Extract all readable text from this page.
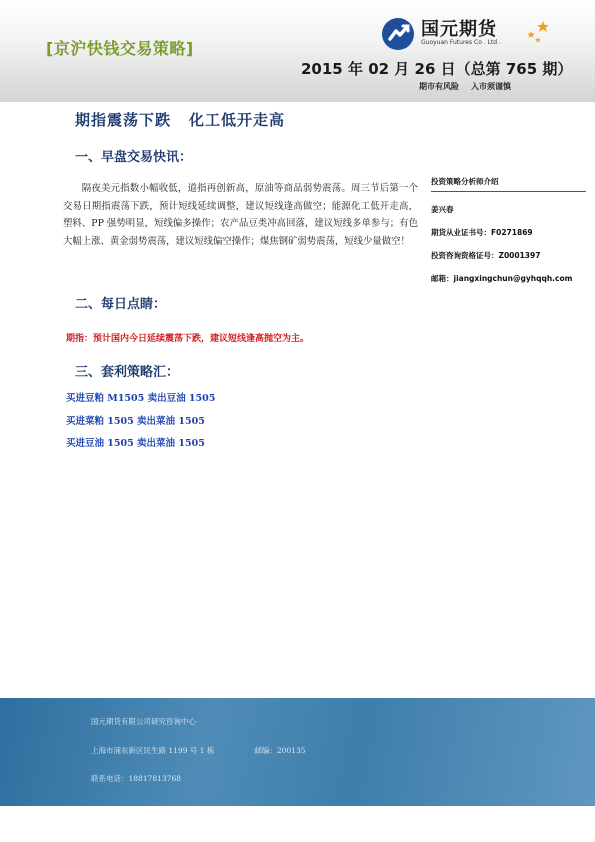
[京沪快钱交易策略]
国元期货
Guoyuan Futures Co . Ltd .
2015 年 02 月 26 日（总第 765 期）
期市有风险 入市须谨慎
期指震荡下跌 化工低开走高
一、早盘交易快讯：
隔夜美元指数小幅收低，道指再创新高，原油等商品弱势震荡。周三节后第一个交易日期指震荡下跌，预计短线延续调整，建议短线逢高做空；能源化工低开走高，塑料、PP 强势明显，短线偏多操作；农产品豆类冲高回落，建议短线多单参与；有色大幅上涨、黄金弱势震荡，建议短线偏空操作；煤焦钢矿弱势震荡，短线少量做空！
投资策略分析师介绍
姜兴春
期货从业证书号：F0271869
投资咨询资格证号：Z0001397
邮箱：jiangxingchun@gyhqqh.com
二、每日点睛：
期指：预计国内今日延续震荡下跌，建议短线逢高抛空为主。
三、套利策略汇：
买进豆粕 M1505 卖出豆油 1505
买进菜粕 1505 卖出菜油 1505
买进豆油 1505 卖出菜油 1505
国元期货有限公司研究咨询中心
上海市浦东新区民生路 1199 号 1 栋	邮编：200135
联系电话：18817813768
